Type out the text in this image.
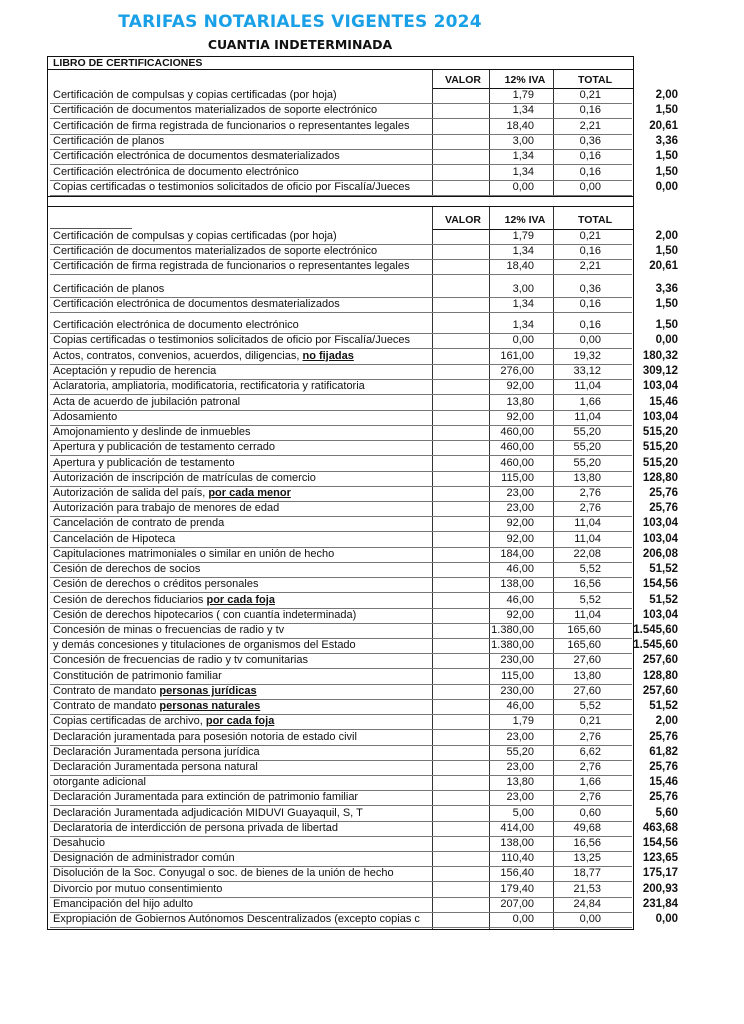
TARIFAS NOTARIALES VIGENTES 2024
CUANTIA INDETERMINADA
LIBRO DE CERTIFICACIONES
VALOR	12% IVA	TOTAL
VALOR	12% IVA	TOTAL
Certificación de compulsas y copias certificadas (por hoja)	1,79	0,21	2,00
Certificación de documentos materializados de soporte electrónico	1,34	0,16	1,50
Certificación de firma registrada de funcionarios o representantes legales	18,40	2,21	20,61
Certificación de planos	3,00	0,36	3,36
Certificación electrónica de documentos desmaterializados	1,34	0,16	1,50
Certificación electrónica de documento electrónico	1,34	0,16	1,50
Copias certificadas o testimonios solicitados de oficio por Fiscalía/Jueces	0,00	0,00	0,00
Certificación de compulsas y copias certificadas (por hoja)	1,79	0,21	2,00
Certificación de documentos materializados de soporte electrónico	1,34	0,16	1,50
Certificación de firma registrada de funcionarios o representantes legales	18,40	2,21	20,61
Certificación de planos	3,00	0,36	3,36
Certificación electrónica de documentos desmaterializados	1,34	0,16	1,50
Certificación electrónica de documento electrónico	1,34	0,16	1,50
Copias certificadas o testimonios solicitados de oficio por Fiscalía/Jueces	0,00	0,00	0,00
Actos, contratos, convenios, acuerdos, diligencias, no fijadas	161,00	19,32	180,32
Aceptación y repudio de herencia	276,00	33,12	309,12
Aclaratoria, ampliatoria, modificatoria, rectificatoria y ratificatoria	92,00	11,04	103,04
Acta de acuerdo de jubilación patronal	13,80	1,66	15,46
Adosamiento	92,00	11,04	103,04
Amojonamiento y deslinde de inmuebles	460,00	55,20	515,20
Apertura y publicación de testamento cerrado	460,00	55,20	515,20
Apertura y publicación de testamento	460,00	55,20	515,20
Autorización de inscripción de matrículas de comercio	115,00	13,80	128,80
Autorización de salida del país, por cada menor	23,00	2,76	25,76
Autorización para trabajo de menores de edad	23,00	2,76	25,76
Cancelación de contrato de prenda	92,00	11,04	103,04
Cancelación de Hipoteca	92,00	11,04	103,04
Capitulaciones matrimoniales o similar en unión de hecho	184,00	22,08	206,08
Cesión de derechos de socios	46,00	5,52	51,52
Cesión de derechos o créditos personales	138,00	16,56	154,56
Cesión de derechos fiduciarios por cada foja	46,00	5,52	51,52
Cesión de derechos hipotecarios ( con cuantía indeterminada)	92,00	11,04	103,04
Concesión de minas o frecuencias de radio y tv	1.380,00	165,60	1.545,60
y demás concesiones y titulaciones de organismos del Estado	1.380,00	165,60	1.545,60
Concesión de frecuencias de radio y tv comunitarias	230,00	27,60	257,60
Constitución de patrimonio familiar	115,00	13,80	128,80
Contrato de mandato personas jurídicas	230,00	27,60	257,60
Contrato de mandato personas naturales	46,00	5,52	51,52
Copias certificadas de archivo, por cada foja	1,79	0,21	2,00
Declaración juramentada para posesión notoria de estado civil	23,00	2,76	25,76
Declaración Juramentada persona jurídica	55,20	6,62	61,82
Declaración Juramentada persona natural	23,00	2,76	25,76
otorgante adicional	13,80	1,66	15,46
Declaración Juramentada para extinción de patrimonio familiar	23,00	2,76	25,76
Declaración Juramentada adjudicación MIDUVI Guayaquil, S, T	5,00	0,60	5,60
Declaratoria de interdicción de persona privada de libertad	414,00	49,68	463,68
Desahucio	138,00	16,56	154,56
Designación de administrador común	110,40	13,25	123,65
Disolución de la Soc. Conyugal o soc. de bienes de la unión de hecho	156,40	18,77	175,17
Divorcio por mutuo consentimiento	179,40	21,53	200,93
Emancipación del hijo adulto	207,00	24,84	231,84
Expropiación de Gobiernos Autónomos Descentralizados (excepto copias c	0,00	0,00	0,00
